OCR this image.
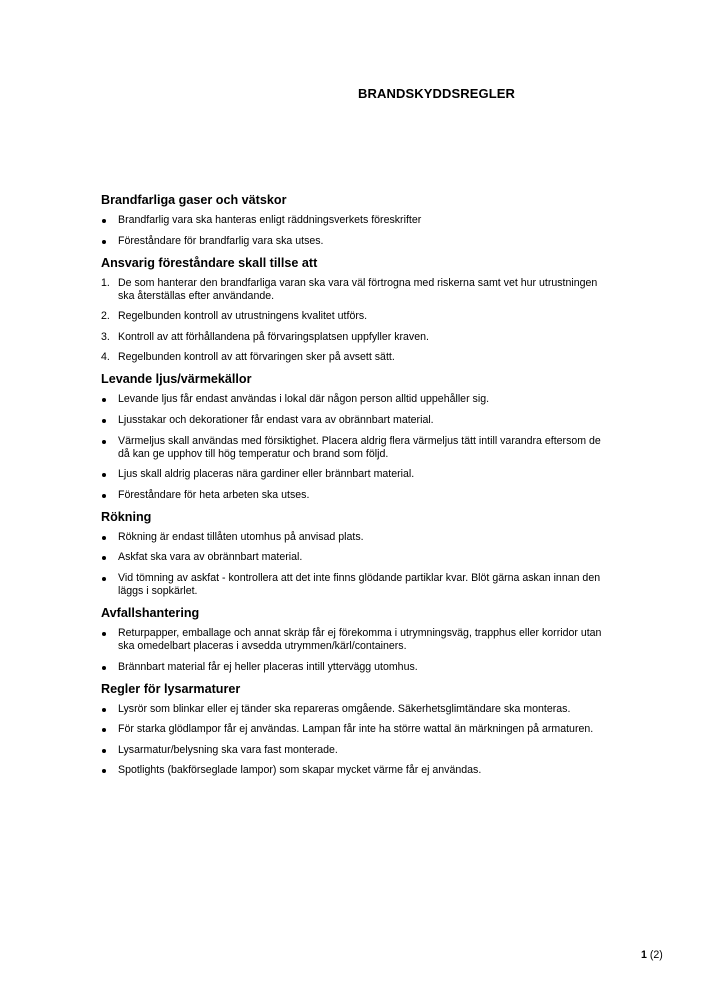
BRANDSKYDDSREGLER
Brandfarliga gaser och vätskor
Brandfarlig vara ska hanteras enligt räddningsverkets föreskrifter
Föreståndare för brandfarlig vara ska utses.
Ansvarig föreståndare skall tillse att
1. De som hanterar den brandfarliga varan ska vara väl förtrogna med riskerna samt vet hur utrustningen ska återställas efter användande.
2. Regelbunden kontroll av utrustningens kvalitet utförs.
3. Kontroll av att förhållandena på förvaringsplatsen uppfyller kraven.
4. Regelbunden kontroll av att förvaringen sker på avsett sätt.
Levande ljus/värmekällor
Levande ljus får endast användas i lokal där någon person alltid uppehåller sig.
Ljusstakar och dekorationer får endast vara av obrännbart material.
Värmeljus skall användas med försiktighet. Placera aldrig flera värmeljus tätt intill varandra eftersom de då kan ge upphov till hög temperatur och brand som följd.
Ljus skall aldrig placeras nära gardiner eller brännbart material.
Föreståndare för heta arbeten ska utses.
Rökning
Rökning är endast tillåten utomhus på anvisad plats.
Askfat ska vara av obrännbart material.
Vid tömning av askfat - kontrollera att det inte finns glödande partiklar kvar. Blöt gärna askan innan den läggs i sopkärlet.
Avfallshantering
Returpapper, emballage och annat skräp får ej förekomma i utrymningsväg, trapphus eller korridor utan ska omedelbart placeras i avsedda utrymmen/kärl/containers.
Brännbart material får ej heller placeras intill yttervägg utomhus.
Regler för lysarmaturer
Lysrör som blinkar eller ej tänder ska repareras omgående. Säkerhetsglimtändare ska monteras.
För starka glödlampor får ej användas. Lampan får inte ha större wattal än märkningen på armaturen.
Lysarmatur/belysning ska vara fast monterade.
Spotlights (bakförseglade lampor) som skapar mycket värme får ej användas.
1 (2)
